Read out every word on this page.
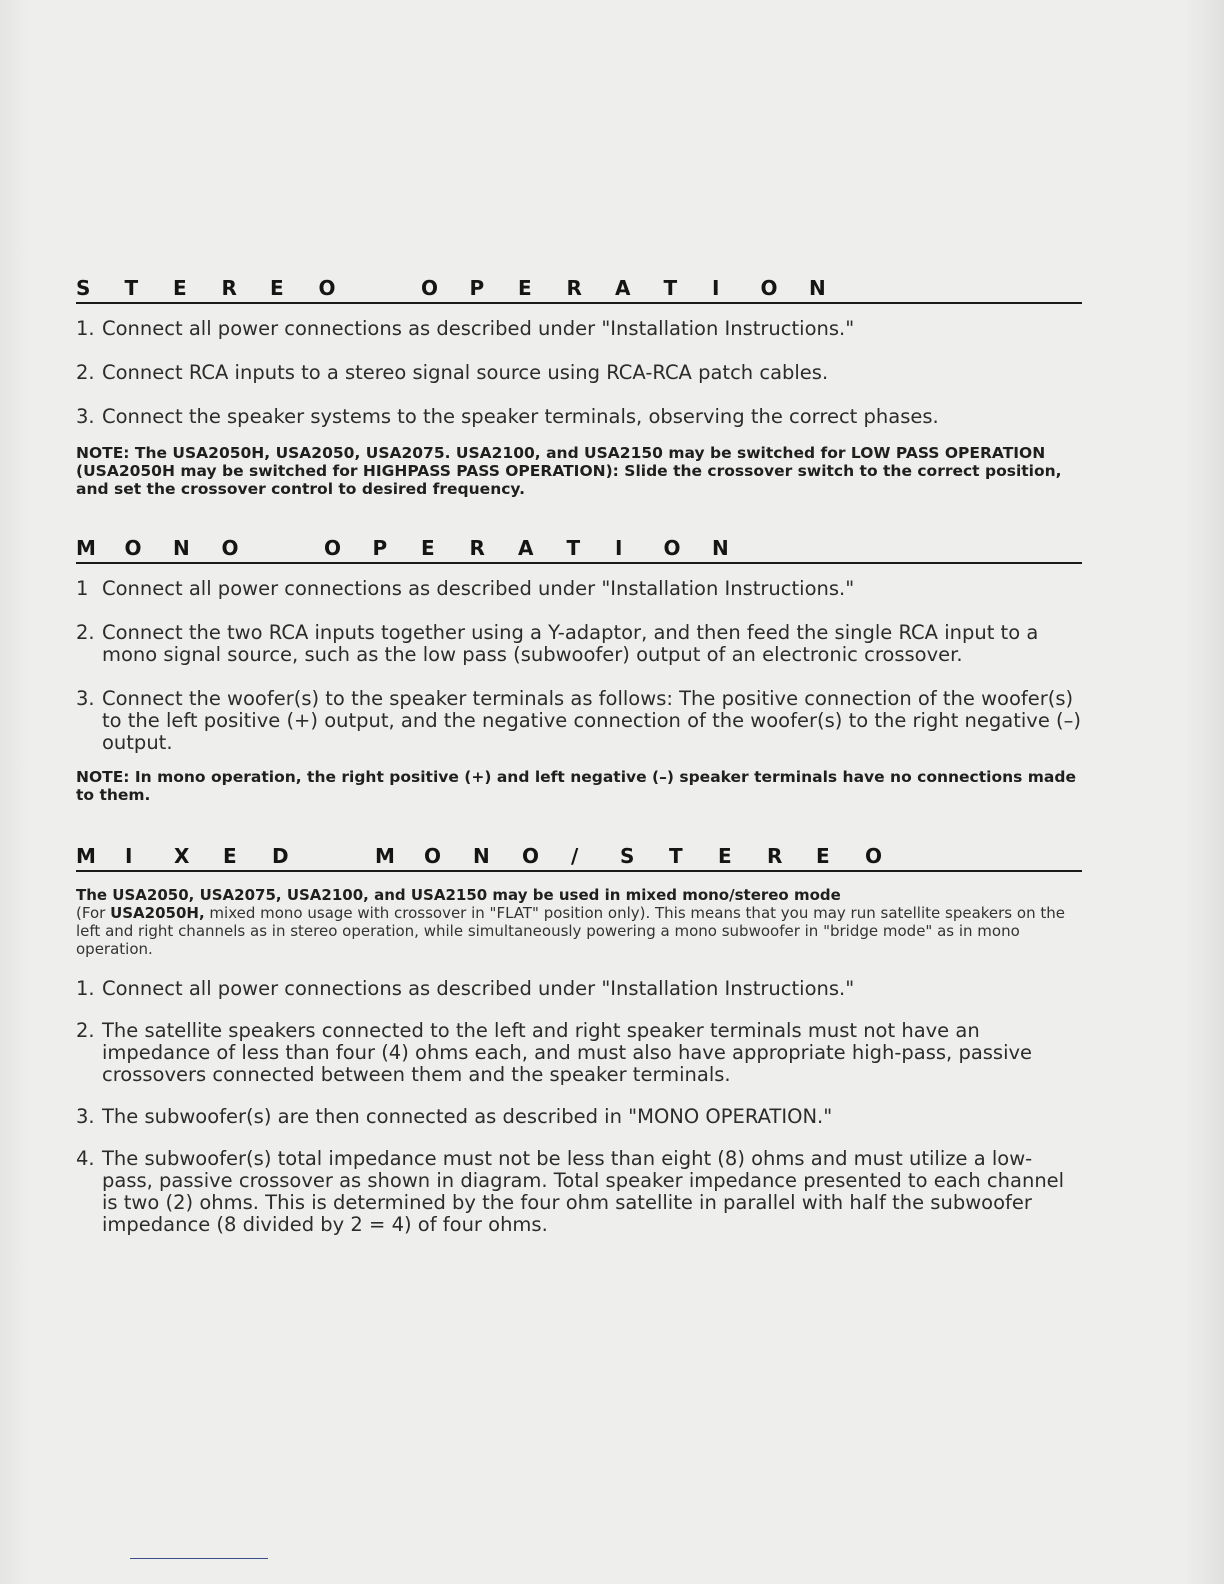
S	T	E	R	E	O	O	P	E	R	A	T	I	O	N
1. Connect all power connections as described under "Installation Instructions."
2. Connect RCA inputs to a stereo signal source using RCA-RCA patch cables.
3. Connect the speaker systems to the speaker terminals, observing the correct phases.

NOTE: The USA2050H, USA2050, USA2075. USA2100, and USA2150 may be switched for LOW PASS OPERATION (USA2050H may be switched for HIGHPASS PASS OPERATION): Slide the crossover switch to the correct position, and set the crossover control to desired frequency.

M	O	N	O	O	P	E	R	A	T	I	O	N
1 Connect all power connections as described under "Installation Instructions."
2. Connect the two RCA inputs together using a Y-adaptor, and then feed the single RCA input to a mono signal source, such as the low pass (subwoofer) output of an electronic crossover.
3. Connect the woofer(s) to the speaker terminals as follows: The positive connection of the woofer(s) to the left positive (+) output, and the negative connection of the woofer(s) to the right negative (–) output.

NOTE: In mono operation, the right positive (+) and left negative (–) speaker terminals have no connections made to them.

M	I	X	E	D	M	O	N	O	/	S	T	E	R	E	O

The USA2050, USA2075, USA2100, and USA2150 may be used in mixed mono/stereo mode
(For USA2050H, mixed mono usage with crossover in "FLAT" position only). This means that you may run satellite speakers on the left and right channels as in stereo operation, while simultaneously powering a mono subwoofer in "bridge mode" as in mono operation.

1. Connect all power connections as described under "Installation Instructions."
2. The satellite speakers connected to the left and right speaker terminals must not have an impedance of less than four (4) ohms each, and must also have appropriate high-pass, passive crossovers connected between them and the speaker terminals.
3. The subwoofer(s) are then connected as described in "MONO OPERATION."
4. The subwoofer(s) total impedance must not be less than eight (8) ohms and must utilize a low-pass, passive crossover as shown in diagram. Total speaker impedance presented to each channel is two (2) ohms. This is determined by the four ohm satellite in parallel with half the subwoofer impedance (8 divided by 2 = 4) of four ohms.
